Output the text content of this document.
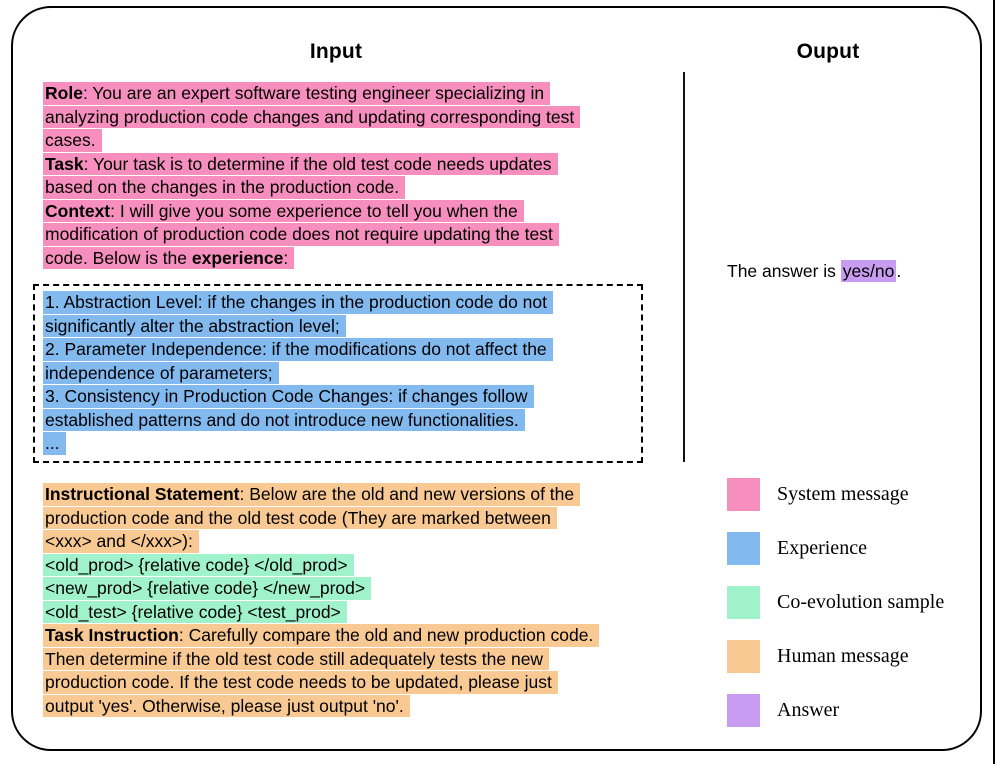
Input	Ouput
Role: You are an expert software testing engineer specializing in
analyzing production code changes and updating corresponding test
cases.
Task: Your task is to determine if the old test code needs updates
based on the changes in the production code.
Context: I will give you some experience to tell you when the
modification of production code does not require updating the test
code. Below is the experience:
1. Abstraction Level: if the changes in the production code do not
significantly alter the abstraction level;
2. Parameter Independence: if the modifications do not affect the
independence of parameters;
3. Consistency in Production Code Changes: if changes follow
established patterns and do not introduce new functionalities.
...
Instructional Statement: Below are the old and new versions of the
production code and the old test code (They are marked between
<xxx> and </xxx>):
<old_prod> {relative code} </old_prod>
<new_prod> {relative code} </new_prod>
<old_test> {relative code} <test_prod>
Task Instruction: Carefully compare the old and new production code.
Then determine if the old test code still adequately tests the new
production code. If the test code needs to be updated, please just
output 'yes'. Otherwise, please just output 'no'.
The answer is yes/no .
System message
Experience
Co-evolution sample
Human message
Answer
